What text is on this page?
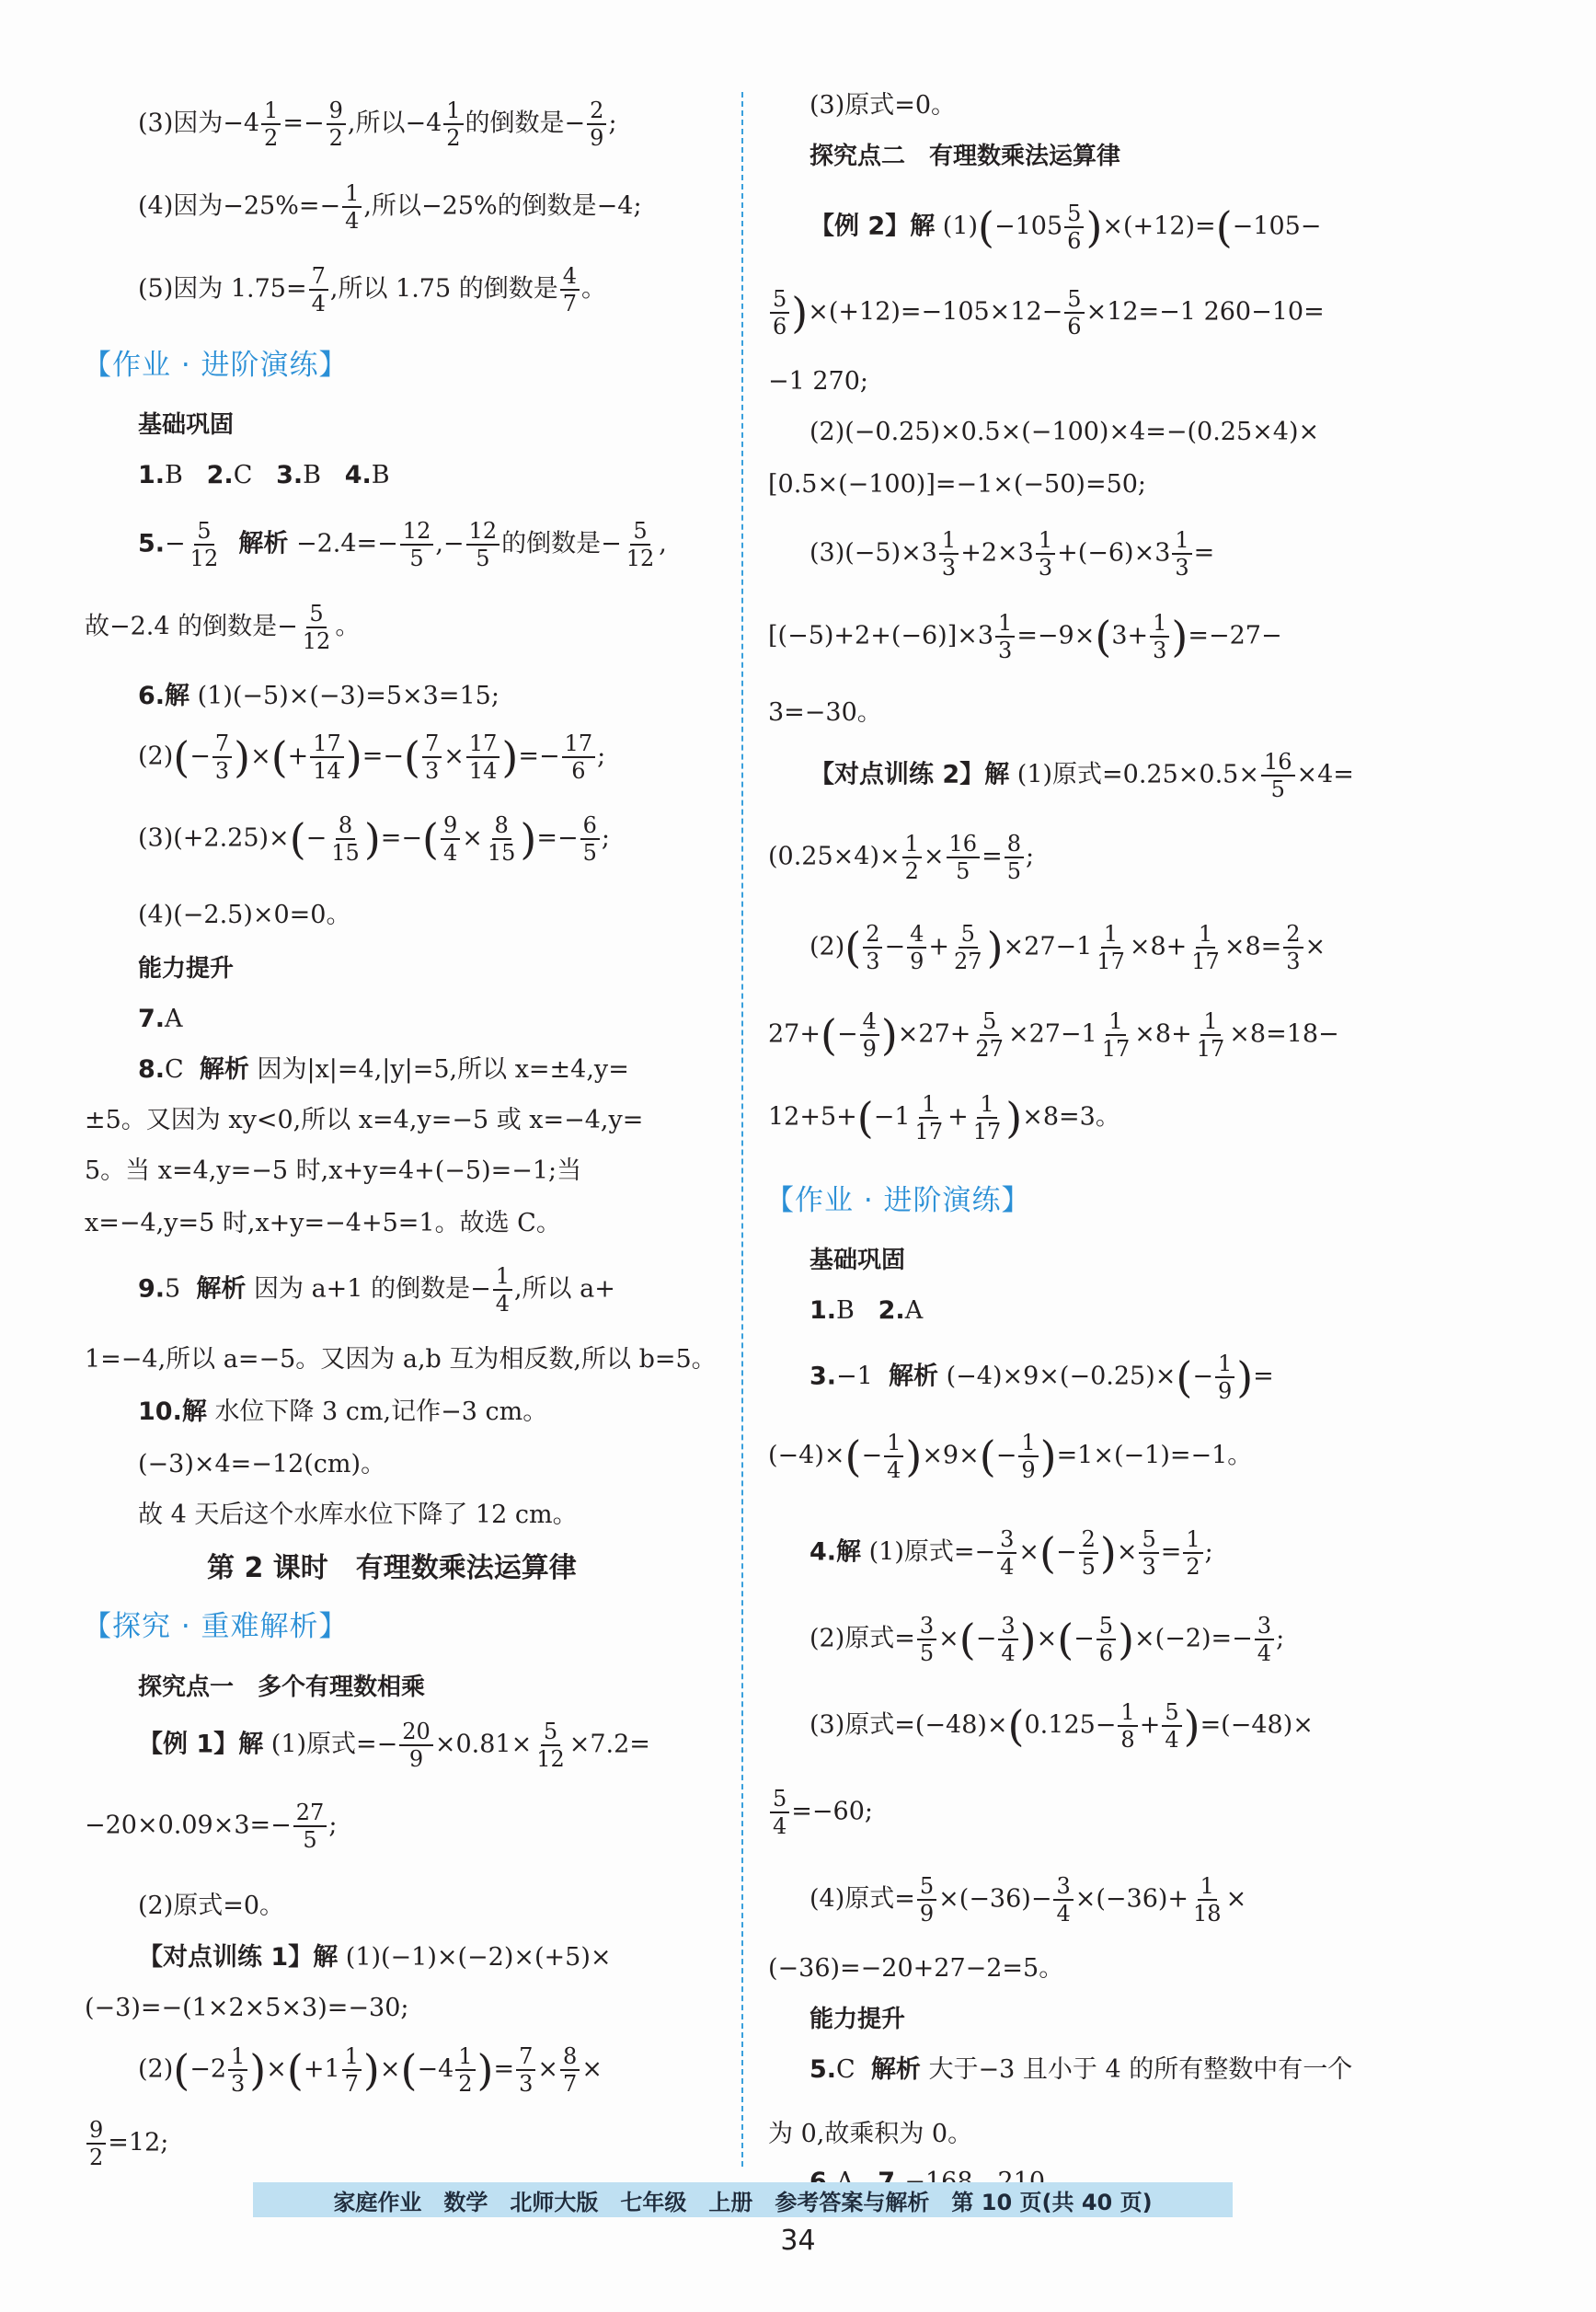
(3)因为$-4 \frac{1}{2} =- \frac{9}{2}$ ,所以$-4 \frac{1}{2}$ 的倒数是− $\frac{2}{9}$ ;
(4)因为$-25\%=- \frac{1}{4}$ ,所以−25%的倒数是−4;
(5)因为 $1.75= \frac{7}{4}$ ,所以 1.75 的倒数是 $\frac{4}{7}$ 。
【作业 · 进阶演练】
基础巩固
1.B 2.C 3.B 4.B
$5.- \frac{5}{12}$ 解析 $-2.4=- \frac{12}{5}$ ,− $\frac{12}{5}$ 的倒数是− $\frac{5}{12}$ ,
故−2.4 的倒数是− $\frac{5}{12}$ 。
6.解 (1)(−5)×(−3)=5×3=15;
$(2)(- \frac{7}{3}$ )×(+ $\frac{17}{14}$ )=−( $\frac{7}{3} \times \frac{17}{14}$ )=− $\frac{17}{6}$ ;
$(3)(+2.25)\times(- \frac{8}{15}$ )=−( $\frac{9}{4} \times \frac{8}{15}$ )=− $\frac{6}{5}$ ;
(4)(−2.5)×0=0。
能力提升
7.A
8.C 解析 因为|x|=4,|y|=5,所以 x=±4,y=
±5。又因为 xy<0,所以 x=4,y=−5 或 x=−4,y=
5。当 x=4,y=−5 时,x+y=4+(−5)=−1;当
x=−4,y=5 时,x+y=−4+5=1。故选 C。
9.5 解析 因为 a+1 的倒数是− $\frac{1}{4}$ ,所以 a+
1=−4,所以 a=−5。又因为 a,b 互为相反数,所以 b=5。
10.解 水位下降 3 cm,记作−3 cm。
(−3)×4=−12(cm)。
故 4 天后这个水库水位下降了 12 cm。
第 2 课时　有理数乘法运算律
【探究 · 重难解析】
探究点一　多个有理数相乘
【例 1】解 (1)原式=− $\frac{20}{9} \times 0.81\times \frac{5}{12} \times 7.2=$
$-20\times 0.09\times 3=- \frac{27}{5}$ ;
(2)原式=0。
【对点训练 1】解 (1)(−1)×(−2)×(+5)×
(−3)=−(1×2×5×3)=−30;
$(2)(-2 \frac{1}{3} )\times(+1 \frac{1}{7} )\times(-4 \frac{1}{2}$ )= $\frac{7}{3} \times \frac{8}{7}$ ×
$\frac{9}{2} =12$;
(3)原式=0。
探究点二　有理数乘法运算律
【例 2】解 $(1)(-105 \frac{5}{6} )\times(+12)=(-105-$
$\frac{5}{6} )\times(+12)=-105\times 12- \frac{5}{6} \times 12=-1$ 260−10=
−1 270;
(2)(−0.25)×0.5×(−100)×4=−(0.25×4)×
[0.5×(−100)]=−1×(−50)=50;
$(3)(-5)\times 3 \frac{1}{3} +2\times 3 \frac{1}{3} +(-6)\times 3 \frac{1}{3}$ =
$[(-5)+2+(-6)]\times 3 \frac{1}{3} =-9\times(3+ \frac{1}{3} )=-27-$
3=−30。
【对点训练 2】解 (1)原式$=0.25\times 0.5\times \frac{16}{5} \times 4=$
$(0.25\times 4)\times \frac{1}{2} \times \frac{16}{5} = \frac{8}{5}$ ;
$(2)( \frac{2}{3} - \frac{4}{9} + \frac{5}{27} )\times 27-1 \frac{1}{17} \times 8+ \frac{1}{17} \times 8= \frac{2}{3}$ ×
$27+(- \frac{4}{9} )\times 27+ \frac{5}{27} \times 27-1 \frac{1}{17} \times 8+ \frac{1}{17} \times 8=18-$
$12+5+(-1 \frac{1}{17} + \frac{1}{17} )\times 8=3$。
【作业 · 进阶演练】
基础巩固
1.B 2.A
3.−1 解析 $(-4)\times 9\times(-0.25)\times(- \frac{1}{9}$ )=
$(-4)\times(- \frac{1}{4} )\times 9\times(- \frac{1}{9} )=1\times(-1)=-1$。
4.解 (1)原式=− $\frac{3}{4}$ ×(− $\frac{2}{5}$ )× $\frac{5}{3} = \frac{1}{2}$ ;
(2)原式= $\frac{3}{5}$ ×(− $\frac{3}{4}$ )×(− $\frac{5}{6} )\times(-2)=- \frac{3}{4}$ ;
(3)原式$=(-48)\times(0.125- \frac{1}{8} + \frac{5}{4} )=(-48)\times$
$\frac{5}{4} =-60$;
(4)原式= $\frac{5}{9} \times(-36)- \frac{3}{4} \times(-36)+ \frac{1}{18}$ ×
(−36)=−20+27−2=5。
能力提升
5.C 解析 大于−3 且小于 4 的所有整数中有一个
为 0,故乘积为 0。

家庭作业 数学 北师大版 七年级 上册 参考答案与解析 第 10 页(共 40 页)
34
